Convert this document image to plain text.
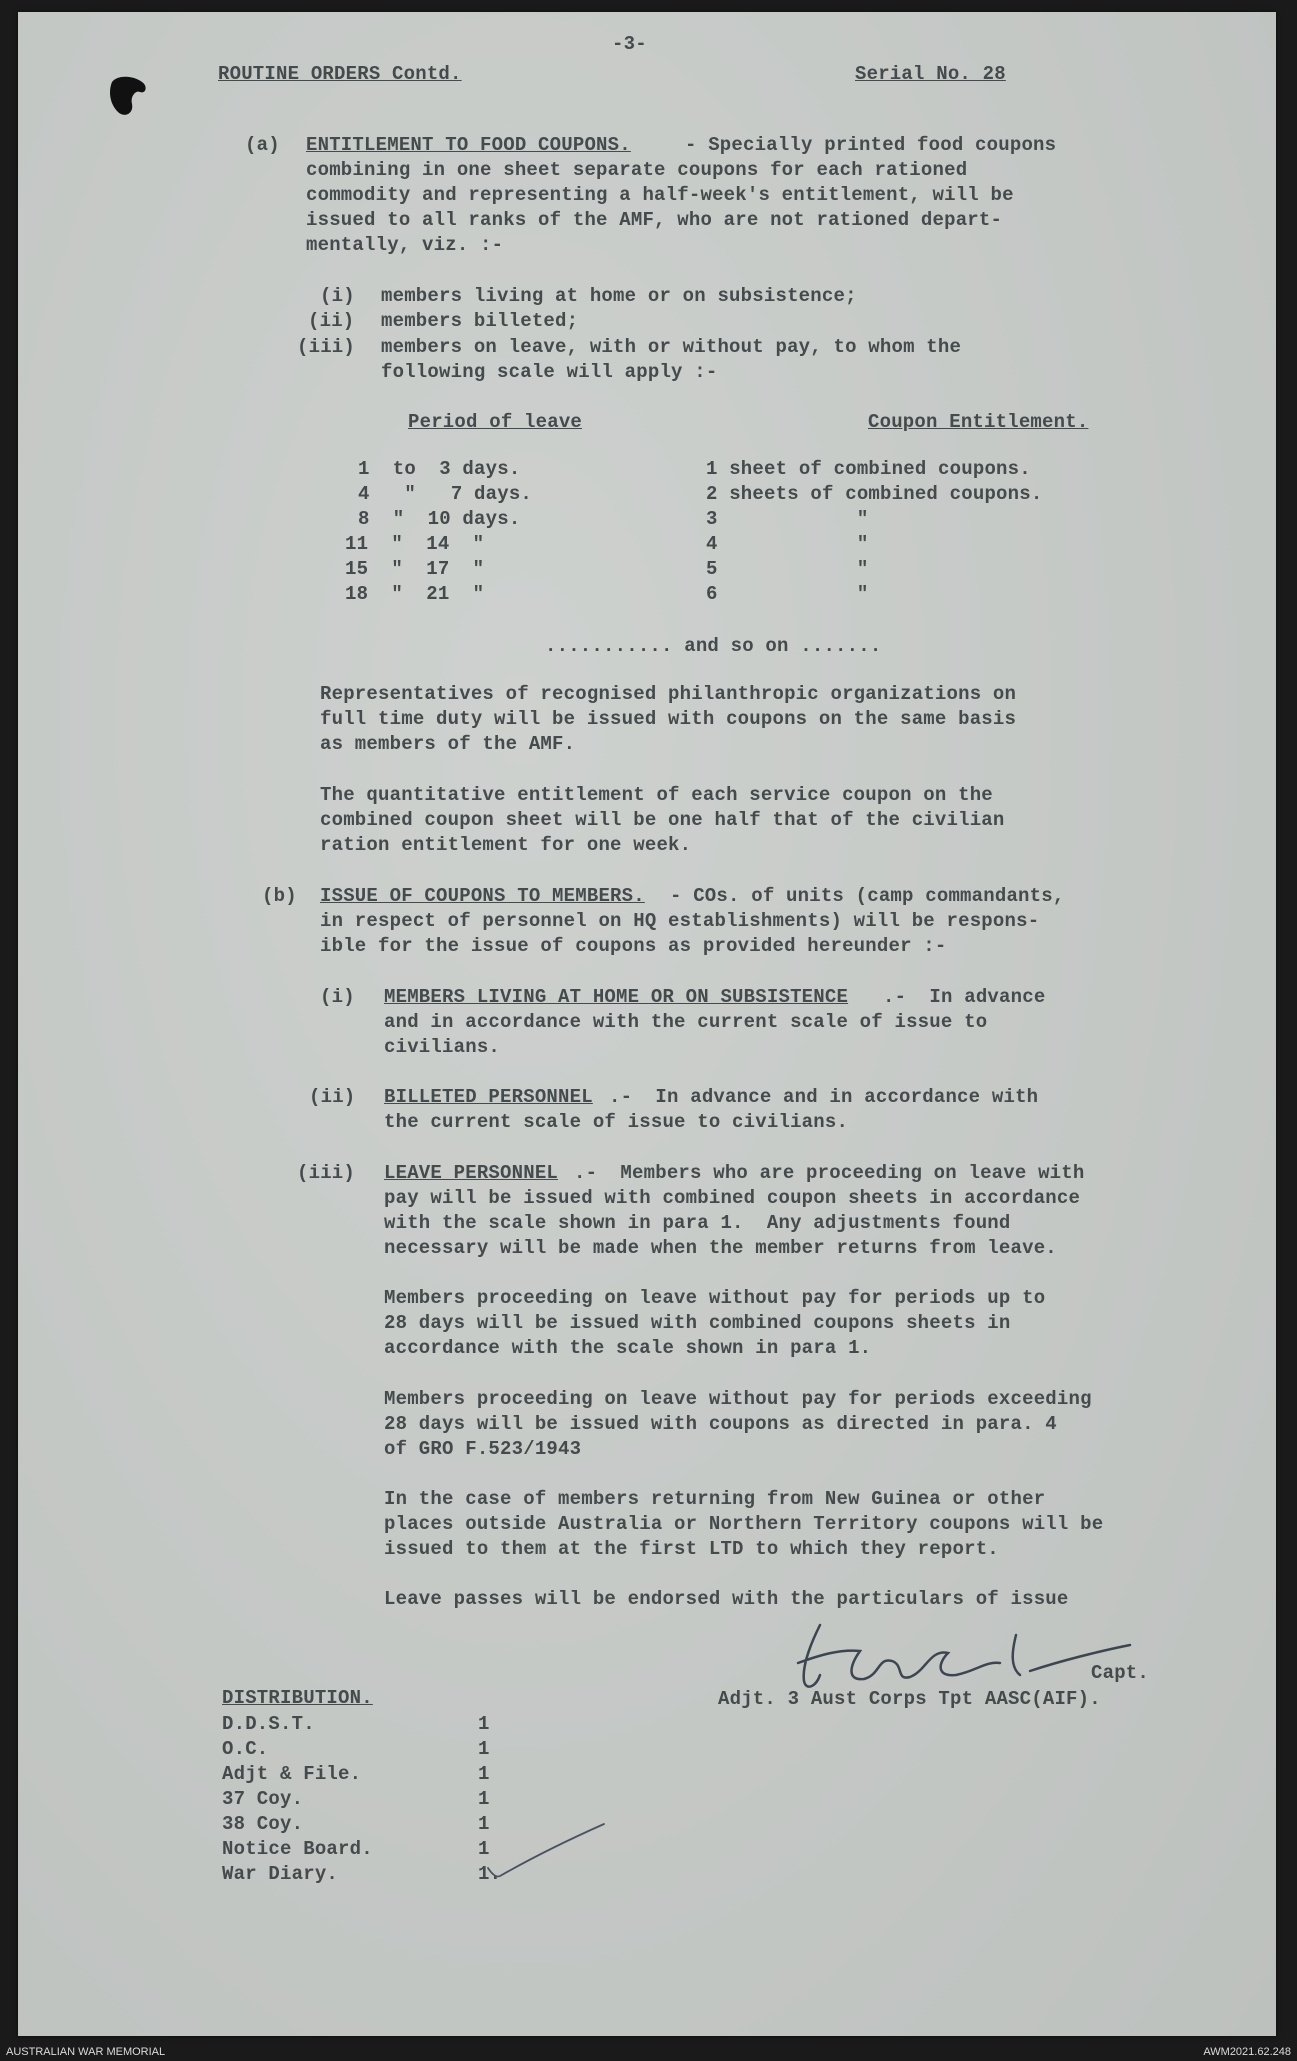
-3-
ROUTINE ORDERS Contd.	Serial No. 28
(a) ENTITLEMENT TO FOOD COUPONS.	- Specially printed food coupons
combining in one sheet separate coupons for each rationed
commodity and representing a half-week's entitlement, will be
issued to all ranks of the AMF, who are not rationed depart-
mentally, viz. :-
(i) members living at home or on subsistence;
(ii) members billeted;
(iii) members on leave, with or without pay, to whom the
following scale will apply :-
Period of leave	Coupon Entitlement.
1  to  3 days.	1 sheet of combined coupons.
4   "   7 days.	2 sheets of combined coupons.
8  "  10 days.	3            "
11  "  14  "	4            "
15  "  17  "	5            "
18  "  21  "	6            "
........... and so on .......
Representatives of recognised philanthropic organizations on
full time duty will be issued with coupons on the same basis
as members of the AMF.
The quantitative entitlement of each service coupon on the
combined coupon sheet will be one half that of the civilian
ration entitlement for one week.
(b) ISSUE OF COUPONS TO MEMBERS. - COs. of units (camp commandants,
in respect of personnel on HQ establishments) will be respons-
ible for the issue of coupons as provided hereunder :-
(i) MEMBERS LIVING AT HOME OR ON SUBSISTENCE .-  In advance
and in accordance with the current scale of issue to
civilians.
(ii) BILLETED PERSONNEL .-  In advance and in accordance with
the current scale of issue to civilians.
(iii) LEAVE PERSONNEL .-  Members who are proceeding on leave with
pay will be issued with combined coupon sheets in accordance
with the scale shown in para 1.  Any adjustments found
necessary will be made when the member returns from leave.
Members proceeding on leave without pay for periods up to
28 days will be issued with combined coupons sheets in
accordance with the scale shown in para 1.
Members proceeding on leave without pay for periods exceeding
28 days will be issued with coupons as directed in para. 4
of GRO F.523/1943
In the case of members returning from New Guinea or other
places outside Australia or Northern Territory coupons will be
issued to them at the first LTD to which they report.
Leave passes will be endorsed with the particulars of issue
Capt.
Adjt. 3 Aust Corps Tpt AASC(AIF).
DISTRIBUTION.
D.D.S.T.	1
O.C.	1
Adjt & File.	1
37 Coy.	1
38 Coy.	1
Notice Board.	1
War Diary.	1.
AUSTRALIAN WAR MEMORIAL	AWM2021.62.248
